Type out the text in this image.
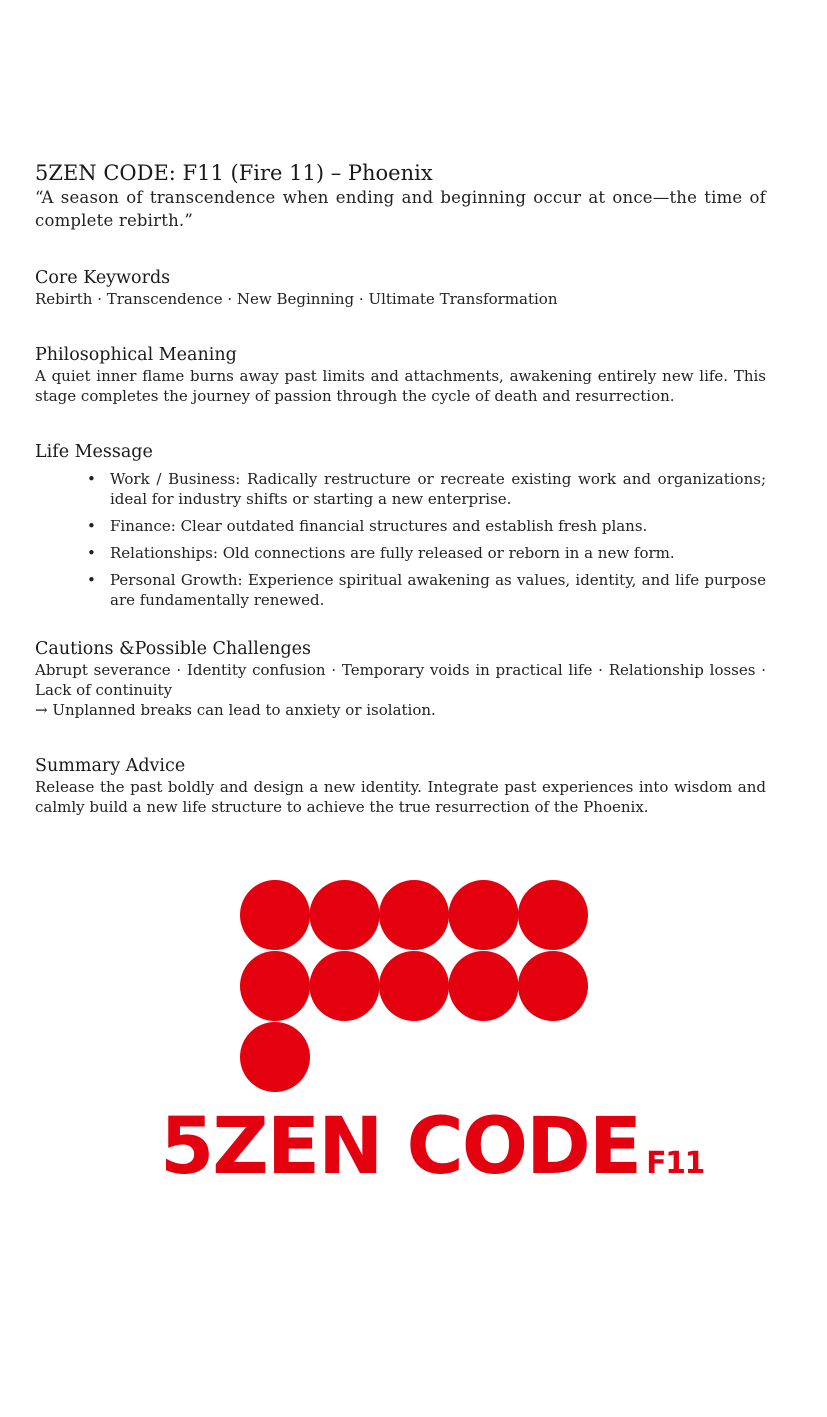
5ZEN CODE: F11 (Fire 11) – Phoenix

“A season of transcendence when ending and beginning occur at once—the time of complete rebirth.”

Core Keywords

Rebirth · Transcendence · New Beginning · Ultimate Transformation

Philosophical Meaning

A quiet inner flame burns away past limits and attachments, awakening entirely new life. This stage completes the journey of passion through the cycle of death and resurrection.

Life Message
• Work / Business: Radically restructure or recreate existing work and organizations; ideal for industry shifts or starting a new enterprise.
• Finance: Clear outdated financial structures and establish fresh plans.
• Relationships: Old connections are fully released or reborn in a new form.
• Personal Growth: Experience spiritual awakening as values, identity, and life purpose are fundamentally renewed.
Cautions &Possible Challenges

Abrupt severance · Identity confusion · Temporary voids in practical life · Relationship losses · Lack of continuity

→ Unplanned breaks can lead to anxiety or isolation.

Summary Advice

Release the past boldly and design a new identity. Integrate past experiences into wisdom and calmly build a new life structure to achieve the true resurrection of the Phoenix.

5ZEN CODE F11
